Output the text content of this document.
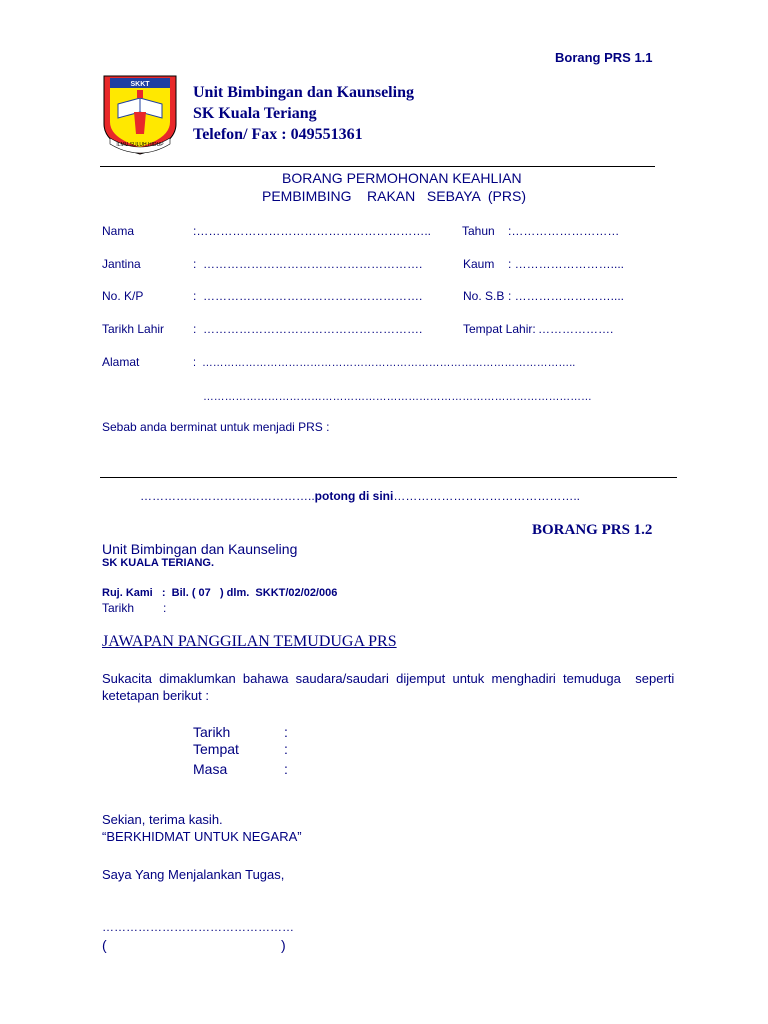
Borang PRS 1.1
SKKT
ILMU SULUH HIDUP
Unit Bimbingan dan Kaunseling
SK Kuala Teriang
Telefon/ Fax : 049551361
BORANG PERMOHONAN KEAHLIAN
PEMBIMBING    RAKAN   SEBAYA  (PRS)
Nama	:…………………………………………………..	Tahun :………………………
Jantina	:  ……………………………………………….	Kaum : ……………………....
No. K/P	:  ……………………………………………….	No. S.B : ……………………....
Tarikh Lahir :  ……………………………………………….	Tempat Lahir: ……………….
Alamat	:  …………………………………………………………………………………………..
………………………………………………………………………………………………
Sebab anda berminat untuk menjadi PRS :
……………………………………..potong di sini………………………………………..
BORANG PRS 1.2
Unit Bimbingan dan Kaunseling
SK KUALA TERIANG.
Ruj. Kami   :  Bil. ( 07   ) dlm.  SKKT/02/02/006
Tarikh :
JAWAPAN PANGGILAN TEMUDUGA PRS
Sukacita  dimaklumkan  bahawa  saudara/saudari  dijemput  untuk  menghadiri  temuduga    seperti
ketetapan berikut :
Tarikh	:
Tempat	:
Masa	:
Sekian, terima kasih.
“BERKHIDMAT UNTUK NEGARA”
Saya Yang Menjalankan Tugas,
…………………………………………
(	)
